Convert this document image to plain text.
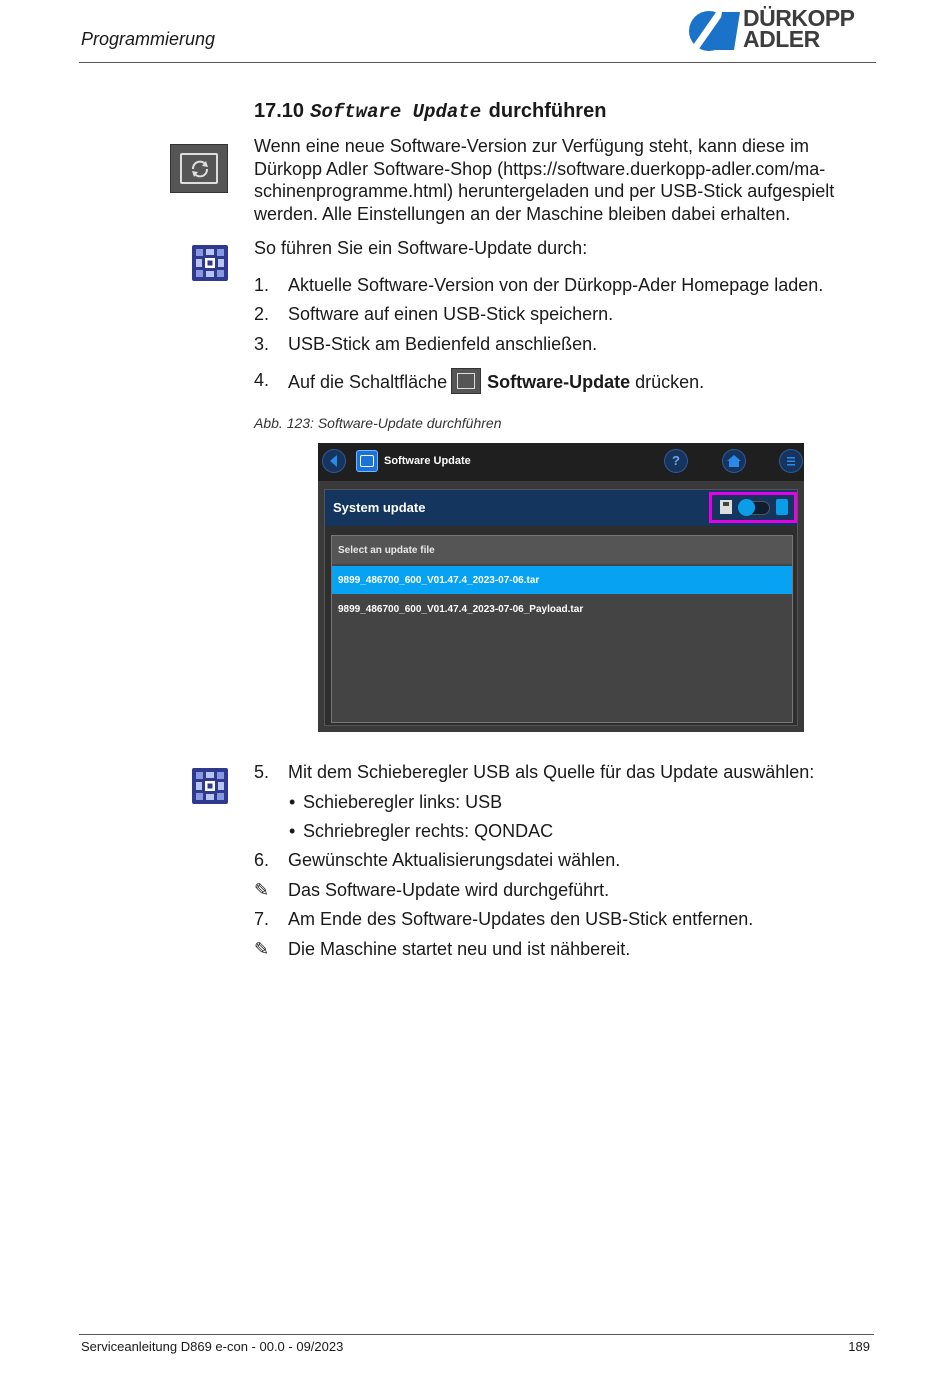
Programmierung
DÜRKOPP
ADLER
17.10 Software Update durchführen
Wenn eine neue Software-Version zur Verfügung steht, kann diese im
Dürkopp Adler Software-Shop (https://software.duerkopp-adler.com/ma-
schinenprogramme.html) heruntergeladen und per USB-Stick aufgespielt
werden. Alle Einstellungen an der Maschine bleiben dabei erhalten.
So führen Sie ein Software-Update durch:
1.	Aktuelle Software-Version von der Dürkopp-Ader Homepage laden.
2.	Software auf einen USB-Stick speichern.
3.	USB-Stick am Bedienfeld anschließen.
4.	Auf die Schaltfläche Software-Update drücken.
Abb. 123: Software-Update durchführen
Software Update	?
System update
Select an update file
9899_486700_600_V01.47.4_2023-07-06.tar
9899_486700_600_V01.47.4_2023-07-06_Payload.tar
5.	Mit dem Schieberegler USB als Quelle für das Update auswählen:
• Schieberegler links: USB
• Schriebregler rechts: QONDAC
6.	Gewünschte Aktualisierungsdatei wählen.
✎	Das Software-Update wird durchgeführt.
7.	Am Ende des Software-Updates den USB-Stick entfernen.
✎	Die Maschine startet neu und ist nähbereit.
Serviceanleitung D869 e-con - 00.0 - 09/2023	189
